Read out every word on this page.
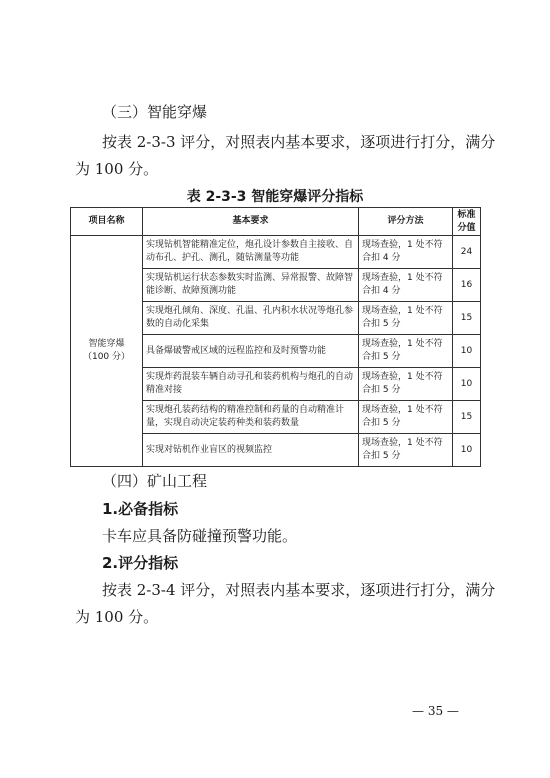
（三）智能穿爆
按表 2-3-3 评分，对照表内基本要求，逐项进行打分，满分
为 100 分。
表 2-3-3 智能穿爆评分指标
项目名称	基本要求	评分方法	标准
分值
智能穿爆
（100 分）	实现钻机智能精准定位，炮孔设计参数自主接收、自动布孔、护孔、测孔，随钻测量等功能	现场查验，1 处不符合扣 4 分	24
	实现钻机运行状态参数实时监测、异常报警、故障智能诊断、故障预测功能	现场查验，1 处不符合扣 4 分	16
	实现炮孔倾角、深度、孔温、孔内积水状况等炮孔参数的自动化采集	现场查验，1 处不符合扣 5 分	15
	具备爆破警戒区域的远程监控和及时预警功能	现场查验，1 处不符合扣 5 分	10
	实现炸药混装车辆自动寻孔和装药机构与炮孔的自动精准对接	现场查验，1 处不符合扣 5 分	10
	实现炮孔装药结构的精准控制和药量的自动精准计量，实现自动决定装药种类和装药数量	现场查验，1 处不符合扣 5 分	15
	实现对钻机作业盲区的视频监控	现场查验，1 处不符合扣 5 分	10
（四）矿山工程
1.必备指标
卡车应具备防碰撞预警功能。
2.评分指标
按表 2-3-4 评分，对照表内基本要求，逐项进行打分，满分
为 100 分。
— 35 —
